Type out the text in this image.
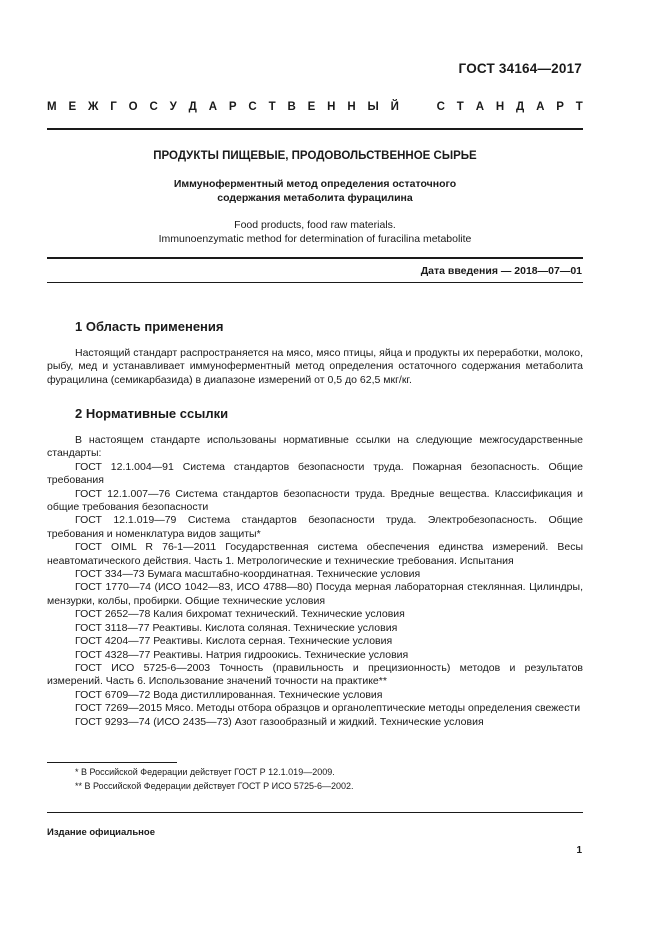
ГОСТ 34164—2017
М Е Ж Г О С У Д А Р С Т В Е Н Н Ы Й	С Т А Н Д А Р Т
ПРОДУКТЫ ПИЩЕВЫЕ, ПРОДОВОЛЬСТВЕННОЕ СЫРЬЕ
Иммуноферментный метод определения остаточного
содержания метаболита фурацилина
Food products, food raw materials.
Immunoenzymatic method for determination of furacilina metabolite
Дата введения — 2018—07—01
1 Область применения

Настоящий стандарт распространяется на мясо, мясо птицы, яйца и продукты их переработки, молоко, рыбу, мед и устанавливает иммуноферментный метод определения остаточного содержания метаболита фурацилина (семикарбазида) в диапазоне измерений от 0,5 до 62,5 мкг/кг.

2 Нормативные ссылки

В настоящем стандарте использованы нормативные ссылки на следующие межгосударственные стандарты:

ГОСТ 12.1.004—91 Система стандартов безопасности труда. Пожарная безопасность. Общие требования

ГОСТ 12.1.007—76 Система стандартов безопасности труда. Вредные вещества. Классификация и общие требования безопасности

ГОСТ 12.1.019—79 Система стандартов безопасности труда. Электробезопасность. Общие требования и номенклатура видов защиты*

ГОСТ OIML R 76-1—2011 Государственная система обеспечения единства измерений. Весы неавтоматического действия. Часть 1. Метрологические и технические требования. Испытания

ГОСТ 334—73 Бумага масштабно-координатная. Технические условия

ГОСТ 1770—74 (ИСО 1042—83, ИСО 4788—80) Посуда мерная лабораторная стеклянная. Цилиндры, мензурки, колбы, пробирки. Общие технические условия

ГОСТ 2652—78 Калия бихромат технический. Технические условия

ГОСТ 3118—77 Реактивы. Кислота соляная. Технические условия

ГОСТ 4204—77 Реактивы. Кислота серная. Технические условия

ГОСТ 4328—77 Реактивы. Натрия гидроокись. Технические условия

ГОСТ ИСО 5725-6—2003 Точность (правильность и прецизионность) методов и результатов измерений. Часть 6. Использование значений точности на практике**

ГОСТ 6709—72 Вода дистиллированная. Технические условия

ГОСТ 7269—2015 Мясо. Методы отбора образцов и органолептические методы определения свежести

ГОСТ 9293—74 (ИСО 2435—73) Азот газообразный и жидкий. Технические условия

* В Российской Федерации действует ГОСТ Р 12.1.019—2009.
** В Российской Федерации действует ГОСТ Р ИСО 5725-6—2002.
Издание официальное
1
